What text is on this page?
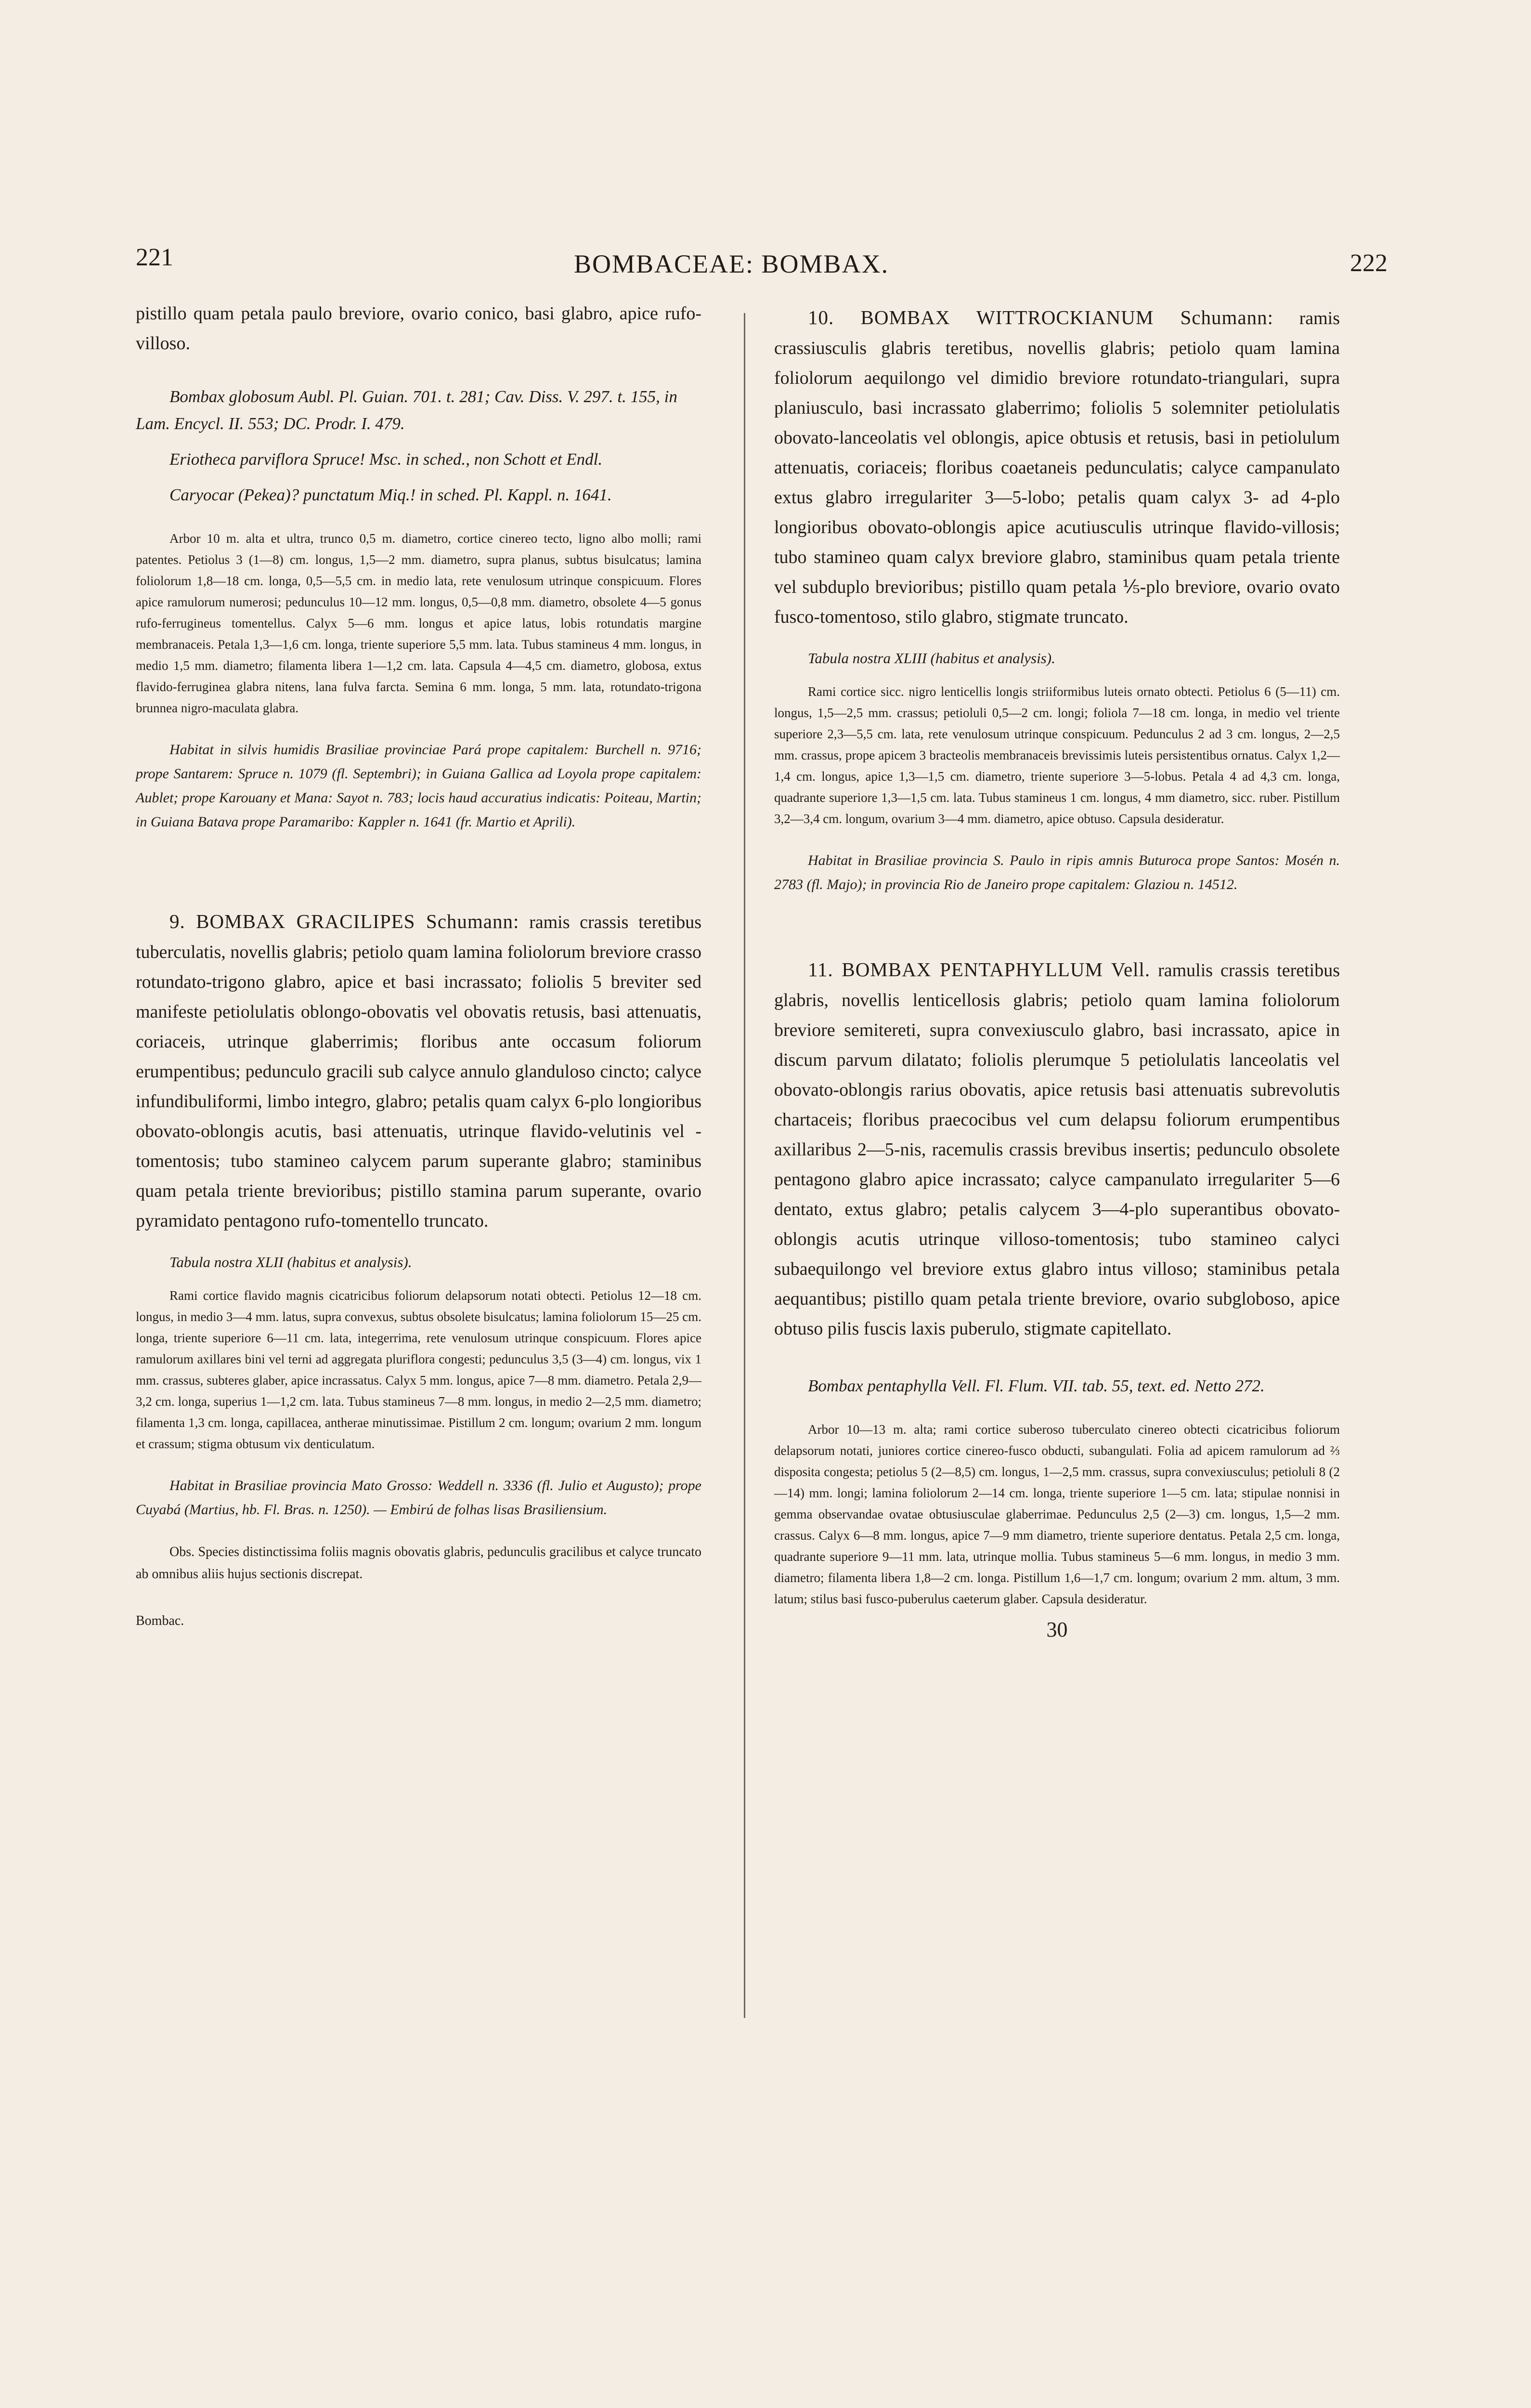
221	BOMBACEAE: BOMBAX.	222

pistillo quam petala paulo breviore, ovario conico, basi glabro, apice rufo-villoso.

Bombax globosum Aubl. Pl. Guian. 701. t. 281; Cav. Diss. V. 297. t. 155, in Lam. Encycl. II. 553; DC. Prodr. I. 479.

Eriotheca parviflora Spruce! Msc. in sched., non Schott et Endl.

Caryocar (Pekea)? punctatum Miq.! in sched. Pl. Kappl. n. 1641.

Arbor 10 m. alta et ultra, trunco 0,5 m. diametro, cortice cinereo tecto, ligno albo molli; rami patentes. Petiolus 3 (1—8) cm. longus, 1,5—2 mm. diametro, supra planus, subtus bisulcatus; lamina foliolorum 1,8—18 cm. longa, 0,5—5,5 cm. in medio lata, rete venulosum utrinque conspicuum. Flores apice ramulorum numerosi; pedunculus 10—12 mm. longus, 0,5—0,8 mm. diametro, obsolete 4—5 gonus rufo-ferrugineus tomentellus. Calyx 5—6 mm. longus et apice latus, lobis rotundatis margine membranaceis. Petala 1,3—1,6 cm. longa, triente superiore 5,5 mm. lata. Tubus stamineus 4 mm. longus, in medio 1,5 mm. diametro; filamenta libera 1—1,2 cm. lata. Capsula 4—4,5 cm. diametro, globosa, extus flavido-ferruginea glabra nitens, lana fulva farcta. Semina 6 mm. longa, 5 mm. lata, rotundato-trigona brunnea nigro-maculata glabra.

Habitat in silvis humidis Brasiliae provinciae Pará prope capitalem: Burchell n. 9716; prope Santarem: Spruce n. 1079 (fl. Septembri); in Guiana Gallica ad Loyola prope capitalem: Aublet; prope Karouany et Mana: Sayot n. 783; locis haud accuratius indicatis: Poiteau, Martin; in Guiana Batava prope Paramaribo: Kappler n. 1641 (fr. Martio et Aprili).

9. BOMBAX GRACILIPES Schumann: ramis crassis teretibus tuberculatis, novellis glabris; petiolo quam lamina foliolorum breviore crasso rotundato-trigono glabro, apice et basi incrassato; foliolis 5 breviter sed manifeste petiolulatis oblongo-obovatis vel obovatis retusis, basi attenuatis, coriaceis, utrinque glaberrimis; floribus ante occasum foliorum erumpentibus; pedunculo gracili sub calyce annulo glanduloso cincto; calyce infundibuliformi, limbo integro, glabro; petalis quam calyx 6-plo longioribus obovato-oblongis acutis, basi attenuatis, utrinque flavido-velutinis vel -tomentosis; tubo stamineo calycem parum superante glabro; staminibus quam petala triente brevioribus; pistillo stamina parum superante, ovario pyramidato pentagono rufo-tomentello truncato.

Tabula nostra XLII (habitus et analysis).

Rami cortice flavido magnis cicatricibus foliorum delapsorum notati obtecti. Petiolus 12—18 cm. longus, in medio 3—4 mm. latus, supra convexus, subtus obsolete bisulcatus; lamina foliolorum 15—25 cm. longa, triente superiore 6—11 cm. lata, integerrima, rete venulosum utrinque conspicuum. Flores apice ramulorum axillares bini vel terni ad aggregata pluriflora congesti; pedunculus 3,5 (3—4) cm. longus, vix 1 mm. crassus, subteres glaber, apice incrassatus. Calyx 5 mm. longus, apice 7—8 mm. diametro. Petala 2,9—3,2 cm. longa, superius 1—1,2 cm. lata. Tubus stamineus 7—8 mm. longus, in medio 2—2,5 mm. diametro; filamenta 1,3 cm. longa, capillacea, antherae minutissimae. Pistillum 2 cm. longum; ovarium 2 mm. longum et crassum; stigma obtusum vix denticulatum.

Habitat in Brasiliae provincia Mato Grosso: Weddell n. 3336 (fl. Julio et Augusto); prope Cuyabá (Martius, hb. Fl. Bras. n. 1250). — Embirú de folhas lisas Brasiliensium.

Obs. Species distinctissima foliis magnis obovatis glabris, pedunculis gracilibus et calyce truncato ab omnibus aliis hujus sectionis discrepat.

Bombac.

10. BOMBAX WITTROCKIANUM Schumann: ramis crassiusculis glabris teretibus, novellis glabris; petiolo quam lamina foliolorum aequilongo vel dimidio breviore rotundato-triangulari, supra planiusculo, basi incrassato glaberrimo; foliolis 5 solemniter petiolulatis obovato-lanceolatis vel oblongis, apice obtusis et retusis, basi in petiolulum attenuatis, coriaceis; floribus coaetaneis pedunculatis; calyce campanulato extus glabro irregulariter 3—5-lobo; petalis quam calyx 3- ad 4-plo longioribus obovato-oblongis apice acutiusculis utrinque flavido-villosis; tubo stamineo quam calyx breviore glabro, staminibus quam petala triente vel subduplo brevioribus; pistillo quam petala ⅕-plo breviore, ovario ovato fusco-tomentoso, stilo glabro, stigmate truncato.

Tabula nostra XLIII (habitus et analysis).

Rami cortice sicc. nigro lenticellis longis striiformibus luteis ornato obtecti. Petiolus 6 (5—11) cm. longus, 1,5—2,5 mm. crassus; petioluli 0,5—2 cm. longi; foliola 7—18 cm. longa, in medio vel triente superiore 2,3—5,5 cm. lata, rete venulosum utrinque conspicuum. Pedunculus 2 ad 3 cm. longus, 2—2,5 mm. crassus, prope apicem 3 bracteolis membranaceis brevissimis luteis persistentibus ornatus. Calyx 1,2—1,4 cm. longus, apice 1,3—1,5 cm. diametro, triente superiore 3—5-lobus. Petala 4 ad 4,3 cm. longa, quadrante superiore 1,3—1,5 cm. lata. Tubus stamineus 1 cm. longus, 4 mm diametro, sicc. ruber. Pistillum 3,2—3,4 cm. longum, ovarium 3—4 mm. diametro, apice obtuso. Capsula desideratur.

Habitat in Brasiliae provincia S. Paulo in ripis amnis Buturoca prope Santos: Mosén n. 2783 (fl. Majo); in provincia Rio de Janeiro prope capitalem: Glaziou n. 14512.

11. BOMBAX PENTAPHYLLUM Vell. ramulis crassis teretibus glabris, novellis lenticellosis glabris; petiolo quam lamina foliolorum breviore semitereti, supra convexiusculo glabro, basi incrassato, apice in discum parvum dilatato; foliolis plerumque 5 petiolulatis lanceolatis vel obovato-oblongis rarius obovatis, apice retusis basi attenuatis subrevolutis chartaceis; floribus praecocibus vel cum delapsu foliorum erumpentibus axillaribus 2—5-nis, racemulis crassis brevibus insertis; pedunculo obsolete pentagono glabro apice incrassato; calyce campanulato irregulariter 5—6 dentato, extus glabro; petalis calycem 3—4-plo superantibus obovato-oblongis acutis utrinque villoso-tomentosis; tubo stamineo calyci subaequilongo vel breviore extus glabro intus villoso; staminibus petala aequantibus; pistillo quam petala triente breviore, ovario subgloboso, apice obtuso pilis fuscis laxis puberulo, stigmate capitellato.

Bombax pentaphylla Vell. Fl. Flum. VII. tab. 55, text. ed. Netto 272.

Arbor 10—13 m. alta; rami cortice suberoso tuberculato cinereo obtecti cicatricibus foliorum delapsorum notati, juniores cortice cinereo-fusco obducti, subangulati. Folia ad apicem ramulorum ad ⅔ disposita congesta; petiolus 5 (2—8,5) cm. longus, 1—2,5 mm. crassus, supra convexiusculus; petioluli 8 (2—14) mm. longi; lamina foliolorum 2—14 cm. longa, triente superiore 1—5 cm. lata; stipulae nonnisi in gemma observandae ovatae obtusiusculae glaberrimae. Pedunculus 2,5 (2—3) cm. longus, 1,5—2 mm. crassus. Calyx 6—8 mm. longus, apice 7—9 mm diametro, triente superiore dentatus. Petala 2,5 cm. longa, quadrante superiore 9—11 mm. lata, utrinque mollia. Tubus stamineus 5—6 mm. longus, in medio 3 mm. diametro; filamenta libera 1,8—2 cm. longa. Pistillum 1,6—1,7 cm. longum; ovarium 2 mm. altum, 3 mm. latum; stilus basi fusco-puberulus caeterum glaber. Capsula desideratur.

30
